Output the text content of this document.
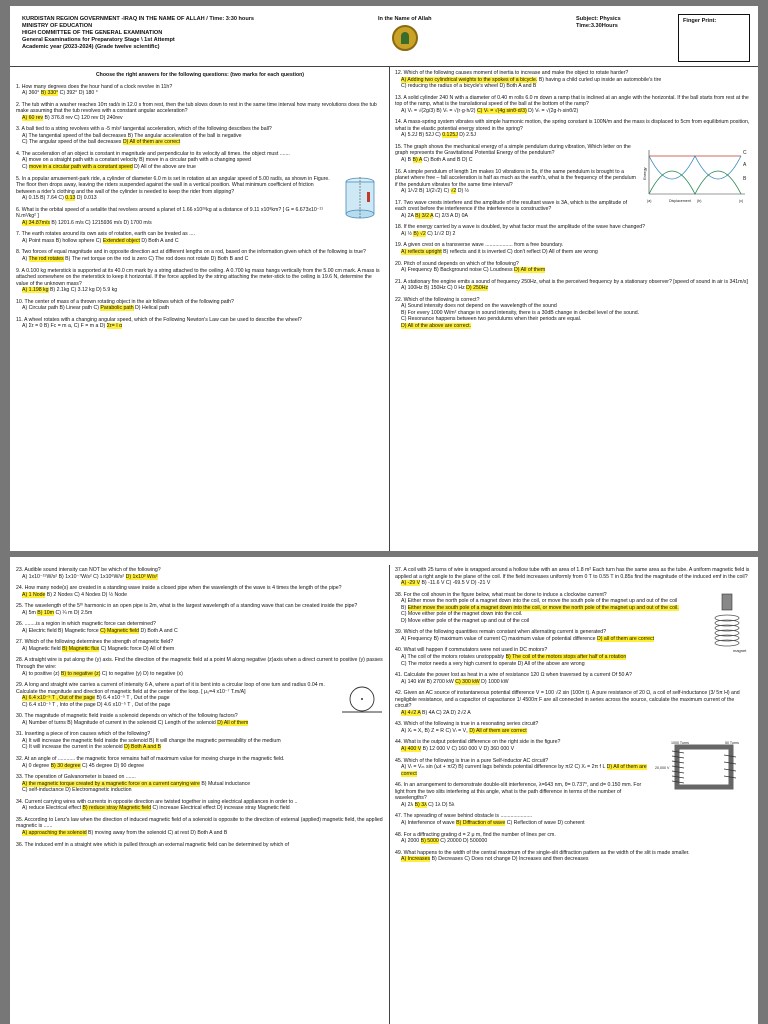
KURDISTAN REGION GOVERNMENT -IRAQ IN THE NAME OF ALLAH / Time: 3:30 hours
MINISTRY OF EDUCATION
HIGH COMMITTEE OF THE GENERAL EXAMINATION
General Examinations for Preparatory Stage \ 1st Attempt
Academic year (2023-2024) (Grade twelve scientific)
In the Name of Allah	Subject: Physics
Time:3.30Hours
Finger Print:
Choose the right answers for the following questions: (two marks for each question)
1. How many degrees does the hour hand of a clock revolve in 11h?
A) 360° B) 330° C) 392° D) 180 °
2. The tub within a washer reaches 10π rad/s in 12.0 s from rest, then the tub slows down to rest in the same time interval how many revolutions does the tub make assuming that the tub revolves with a constant angular acceleration?
A) 60 rev B) 376.8 rev C) 120 rev D) 240rev
3. A ball tied to a string revolves with a -5 m/s² tangential acceleration, which of the following describes the ball?
A) The tangential speed of the ball decreases B) The angular acceleration of the ball is negative
C) The angular speed of the ball decreases D) All of them are correct
4. The acceleration of an object is constant in magnitude and perpendicular to its velocity all times. the object must .......
A) move on a straight path with a constant velocity B) move in a circular path with a changing speed
C) move in a circular path with a constant speed D) All of the above are true
5. In a popular amusement-park ride, a cylinder of diameter 6.0 m is set in rotation at an angular speed of 5.00 rad/s, as shown in Figure. The floor then drops away, leaving the riders suspended against the wall in a vertical position. What minimum coefficient of friction between a rider's clothing and the wall of the cylinder is needed to keep the rider from slipping?
A) 0.15 B) 7.64 C) 0.13 D) 0.013
6. What is the orbital speed of a setalite that revolves around a planet of 1.66 x10²⁶kg at a distance of 9.11 x10⁸km? [ G = 6.673x10⁻¹¹ N.m²/kg² ]
A) 34.87m/s B) 1201.6 m/s C) 1215936 m/s D) 1700 m/s
7. The earth rotates around its own axis of rotation, earth can be treated as ....
A) Point mass B) hollow sphere C) Extended object D) Both A and C
8. Two forces of equal magnitude and in opposite direction act at different lengths on a rod, based on the information given which of the following is true?
A) The rod rotates B) The net torque on the rod is zero C) The rod does not rotate D) Both B and C
9. A 0.100 kg meterstick is supported at its 40.0 cm mark by a string attached to the ceiling. A 0.700 kg mass hangs vertically from the 5.00 cm mark. A mass is attached somewhere on the meterstick to keep it horizontal. If the force applied by the string attaching the meter-stick to the ceiling is 19.6 N, determine the value of the unknown mass?
A) 1.198 kg B) 2.1kg C) 3.12 kg D) 5.9 kg
10. The center of mass of a thrown rotating object in the air follows which of the following path?
A) Circular path B) Linear path C) Parabolic path D) Helical path
11. A wheel rotates with a changing angular speed, which of the Following Newton's Law can be used to describe the wheel?
A) Στ = 0 B) Fc = m a, C) F = m a D) Στ= I α
12. Which of the following causes moment of inertia to increase and make the object to rotate harder?
A) Adding two cylindrical weights to the spokes of a bicycle. B) having a child curled up inside an automobile's tire
C) reducing the radius of a bicycle's wheel D) Both A and B
13. A solid cylinder 240 N with a diameter of 0.40 m rolls 6.0 m down a ramp that is inclined at an angle with the horizontal. If the ball starts from rest at the top of the ramp, what is the translational speed of the ball at the bottom of the ramp?
A) Vₜ = √(2g/3) B) Vₜ = √(r·g·h/2) C) Vₜ = √(4g sinθ·d/3) D) Vₜ = √(2g·h·sinθ/2)
14. A mass-spring system vibrates with simple harmonic motion, the spring constant is 100N/m and the mass is displaced to 5cm from equilibrium position, what is the elastic potential energy stored in the spring?
A) 5.2J B) 52J C) 0.125J D) 2.5J
C
A
B
Energy
(a)	Displacement (b)	(c)
15. The graph shows the mechanical energy of a simple pendulum during vibration, Which letter on the graph represents the Gravitational Potential Energy of the pendulum?
A) B B) A C) Both A and B D) C
16. A simple pendulum of length 1m makes 10 vibrations in 5s, if the same pendulum is brought to a planet where free – fall acceleration is half as much as the earth's, what is the frequency of the pendulum if the pendulum vibrates for the same time interval?
A) 1/√2 B) 1/(2√2) C) √2 D) ½
17. Two wave crests interfere and the amplitude of the resultant wave is 3A, which is the amplitude of each crest before the interference if the interference is constructive?
A) 2A B) 3/2 A C) 2/3 A D) 0A
18. If the energy carried by a wave is doubled, by what factor must the amplitude of the wave have changed?
A) ½ B) √2 C) 1/√2 D) 2
19. A given crest on a transverse wave ................... from a free boundary.
A) reflects upright B) reflects and it is inverted C) don't reflect D) All of them are wrong
20. Pitch of sound depends on which of the following?
A) Frequency B) Background noise C) Loudness D) All of them
21. A stationary fire engine emits a sound of frequency 250Hz, what is the perceived frequency by a stationary observer? [speed of sound in air is 341m/s]
A) 100Hz B) 150Hz C) 0 Hz D) 250Hz
22. Which of the following is correct?
A) Sound intensity does not depend on the wavelength of the sound
B) For every 1000 W/m² change in sound intensity, there is a 30dB change in decibel level of the sound.
C) Resonance happens between two pendulums when their periods are equal.
D) All of the above are correct.
23. Audible sound intensity can NOT be which of the following?
A) 1x10⁻¹⁵W/s² B) 1x10⁻⁷W/s² C) 1x10⁶W/s² D) 1x10³ W/s²
24. How many node(s) are created in a standing wave inside a closed pipe when the wavelength of the wave is 4 times the length of the pipe?
A) 1 Node B) 2 Nodes C) 4 Nodes D) ½ Node
25. The wavelength of the 5ᵗʰ harmonic in an open pipe is 2m, what is the largest wavelength of a standing wave that can be created inside the pipe?
A) 5m B) 10m C) ¼ m D) 2.5m
26. ........is a region in which magnetic force can determined?
A) Electric field B) Magnetic force C) Magnetic field D) Both A and C
27. Which of the following determines the strength of magnetic field?
A) Magnetic field B) Magnetic flux C) Magnetic force D) All of them
28. A straight wire is put along the (y) axis. Find the direction of the magnetic field at a point M along negative (z)axis when a direct current to positive (y) passes Through the wire:
A) to positive (z) B) to negative (z) C) to negative (y) D) to negative (x)
29. A long and straight wire carries a current of intensity 6 A, where a part of it is bent into a circular loop of one turn and radius 0.04 m. Calculate the magnitude and direction of magnetic field at the center of the loop. [ μ₀=4 x10⁻⁷ T.m/A]
A) 6.4 x10⁻⁵ T , Out of the page B) 6.4 x10⁻⁵ T , Out of the page
C) 6.4 x10⁻⁵ T , Into of the page D) 4.6 x10⁻⁵ T , Out of the page
30. The magnitude of magnetic field inside a solenoid depends on which of the following factors?
A) Number of turns B) Magnitude of current in the solenoid C) Length of the solenoid D) All of them
31. Inserting a piece of iron causes which of the following?
A) It will increase the magnetic field inside the solenoid B) It will change the magnetic permeability of the medium
C) It will increase the current in the solenoid D) Both A and B
32. At an angle of ............ the magnetic force remains half of maximum value for moving charge in the magnetic field.
A) 0 degree B) 30 degree C) 45 degree D) 90 degree
33. The operation of Galvanometer is based on .......
A) the magnetic torque created by a magnetic force on a current carrying wire B) Mutual inductance
C) self-inductance D) Electromagnetic induction
34. Current carrying wires with currents in opposite direction are twisted together in using electrical appliances in order to ..
A) reduce Electrical effect B) reduce stray Magnetic field C) increase Electrical effect D) increase stray Magnetic field
35. According to Lenz's law when the direction of induced magnetic field of a solenoid is opposite to the direction of external (applied) magnetic field, the applied magnetic is ......
A) approaching the solenoid B) moving away from the solenoid C) at rest D) Both A and B
36. The induced emf in a straight wire which is pulled through an external magnetic field can be determined by which of
37. A coil with 25 turns of wire is wrapped around a hollow tube with an area of 1.8 m² Each turn has the same area as the tube. A uniform magnetic field is applied at a right angle to the plane of the coil. If the field increases uniformly from 0 T to 0.55 T in 0.85s find the magnitude of the induced emf in the coil?
A) -29 V B) -11.6 V C) -69.5 V D) -21 V
magnet
38. For the coil shown in the figure below, what must be done to induce a clockwise current?
A) Either move the north pole of a magnet down into the coil, or move the south pole of the magnet up and out of the coil
B) Either move the south pole of a magnet down into the coil, or move the north pole of the magnet up and out of the coil.
C) Move either pole of the magnet down into the coil.
D) Move either pole of the magnet up and out of the coil
39. Which of the following quantities remain constant when alternating current is generated?
A) Frequency B) maximum value of current C) maximum value of potential difference D) all of them are correct
40. What will happen if commutators were not used in DC motors?
A) The coil of the motors rotates unstoppably B) The coil of the motors stops after half of a rotation
C) The motor needs a very high current to operate D) All of the above are wrong
41. Calculate the power lost as heat in a wire of resistance 120 Ω when traversed by a current Of 50 A?
A) 140 kW B) 2700 kW C) 300 kW D) 1000 kW
42. Given an AC source of instantaneous potential difference V = 100 √2 sin (100π t). A pure resistance of 20 Ω, a coil of self-inductance (3/ 5π H) and negligible resistance, and a capacitor of capacitance 1/ 4500π F are all connected in series across the source, calculate the maximum current of the circuit?
A) 4√2 A B) 4A C) 2A D) 2√2 A
43. Which of the following is true in a resonating series circuit?
A) Xₗ = X꜀ B) Z = R C) Vₗ = V꜀ D) All of them are correct
1000 Turns	50 Turns
20,000 V
44. What is the output potential difference on the right side in the figure?
A) 400 V B) 12 000 V C) 160 000 V D) 360 000 V
45. Which of the following is true in a pure Self-inductor AC circuit?
A) Vₗ = Vₘ sin (ωt + π/2) B) current lags behinds potential difference by π/2 C) Xₗ = 2π f L D) All of them are correct
46. In an arrangement to demonstrate double-slit interference, λ=643 nm, θ= 0.737°, and d= 0.150 mm. For light from the two slits interfering at this angle, what is the path difference in terms of the number of wavelengths?
A) 2λ B) 3λ C) 1λ D) 5λ
47. The spreading of wave behind obstacle is ......................
A) Interference of wave B) Diffraction of wave C) Reflection of wave D) coherent
48. For a diffracting grating d = 2 μ m, find the number of lines per cm.
A) 2000 B) 5000 C) 20000 D) 500000
49. What happens to the width of the central maximum of the single-slit diffraction pattern as the width of the slit is made smaller.
A) Increases B) Decreases C) Does not change D) Increases and then decreases
